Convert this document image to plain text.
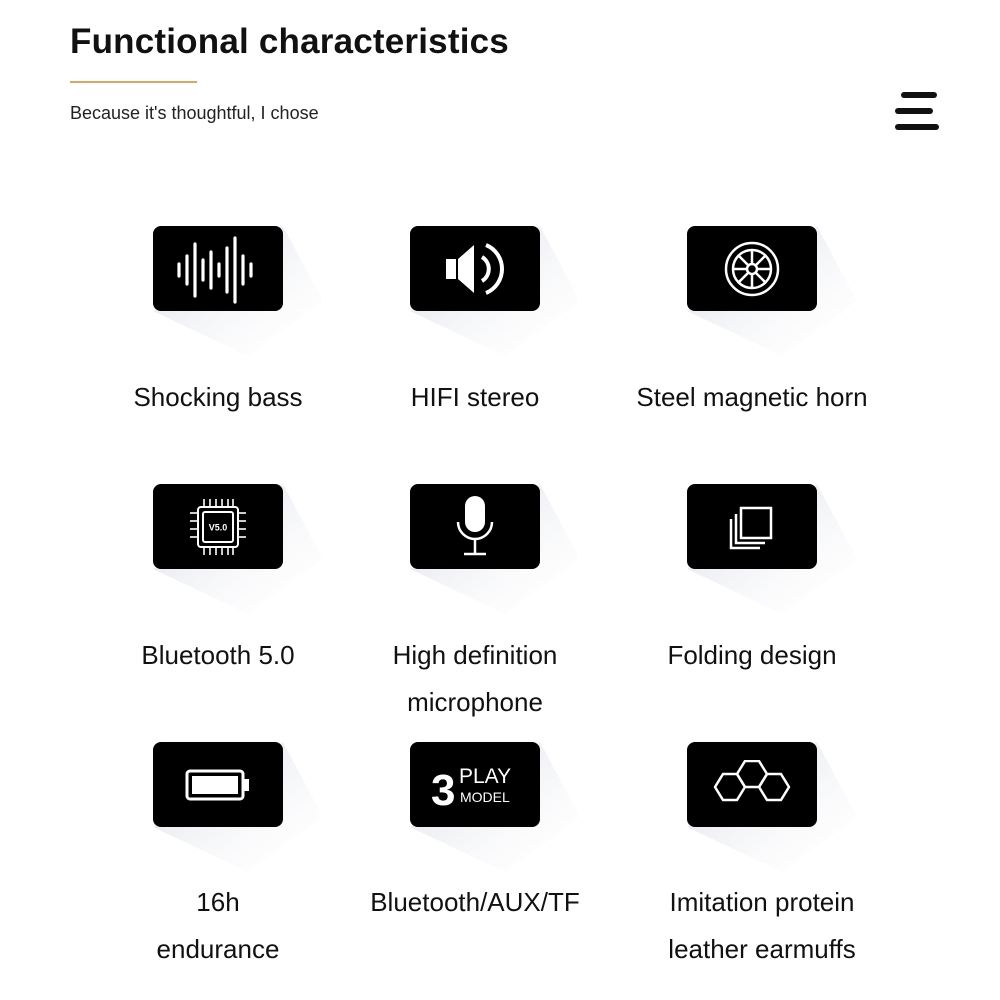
Functional characteristics
Because it's thoughtful, I chose
Shocking bass	HIFI stereo	Steel magnetic horn
V5.0
Bluetooth 5.0	High definition
microphone
Folding design
16h
endurance
3 PLAY
MODEL
Bluetooth/AUX/TF	Imitation protein
leather earmuffs
